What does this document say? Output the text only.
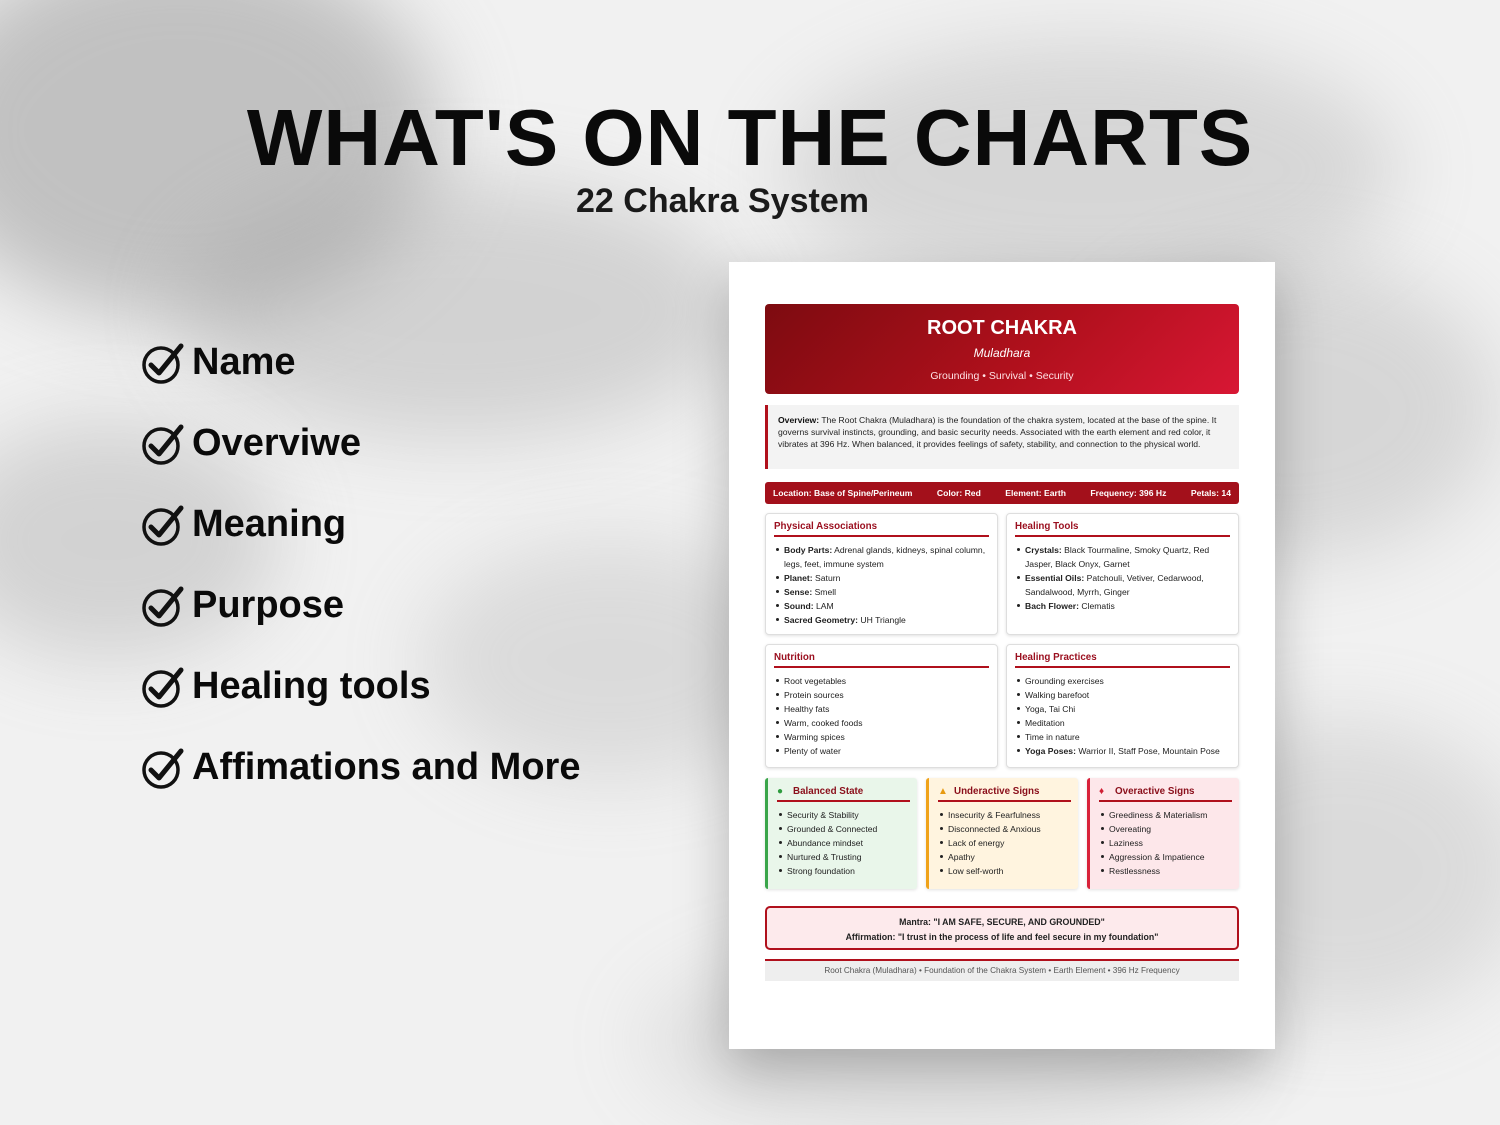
WHAT'S ON THE CHARTS
22 Chakra System
Name
Overviwe
Meaning
Purpose
Healing tools
Affimations and More
ROOT CHAKRA
Muladhara
Grounding • Survival • Security
Overview: The Root Chakra (Muladhara) is the foundation of the chakra system, located at the base of the spine. It governs survival instincts, grounding, and basic security needs. Associated with the earth element and red color, it vibrates at 396 Hz. When balanced, it provides feelings of safety, stability, and connection to the physical world.
Location: Base of Spine/Perineum	Color: Red	Element: Earth	Frequency: 396 Hz	Petals: 14
Physical Associations
Body Parts: Adrenal glands, kidneys, spinal column, legs, feet, immune system
Planet: Saturn
Sense: Smell
Sound: LAM
Sacred Geometry: UH Triangle
Healing Tools
Crystals: Black Tourmaline, Smoky Quartz, Red Jasper, Black Onyx, Garnet
Essential Oils: Patchouli, Vetiver, Cedarwood, Sandalwood, Myrrh, Ginger
Bach Flower: Clematis
Nutrition
Root vegetables
Protein sources
Healthy fats
Warm, cooked foods
Warming spices
Plenty of water
Healing Practices
Grounding exercises
Walking barefoot
Yoga, Tai Chi
Meditation
Time in nature
Yoga Poses: Warrior II, Staff Pose, Mountain Pose
●	Balanced State
Security & Stability
Grounded & Connected
Abundance mindset
Nurtured & Trusting
Strong foundation
▲ Underactive Signs
Insecurity & Fearfulness
Disconnected & Anxious
Lack of energy
Apathy
Low self-worth
♦	Overactive Signs
Greediness & Materialism
Overeating
Laziness
Aggression & Impatience
Restlessness
Mantra: "I AM SAFE, SECURE, AND GROUNDED"
Affirmation: "I trust in the process of life and feel secure in my foundation"
Root Chakra (Muladhara) • Foundation of the Chakra System • Earth Element • 396 Hz Frequency
